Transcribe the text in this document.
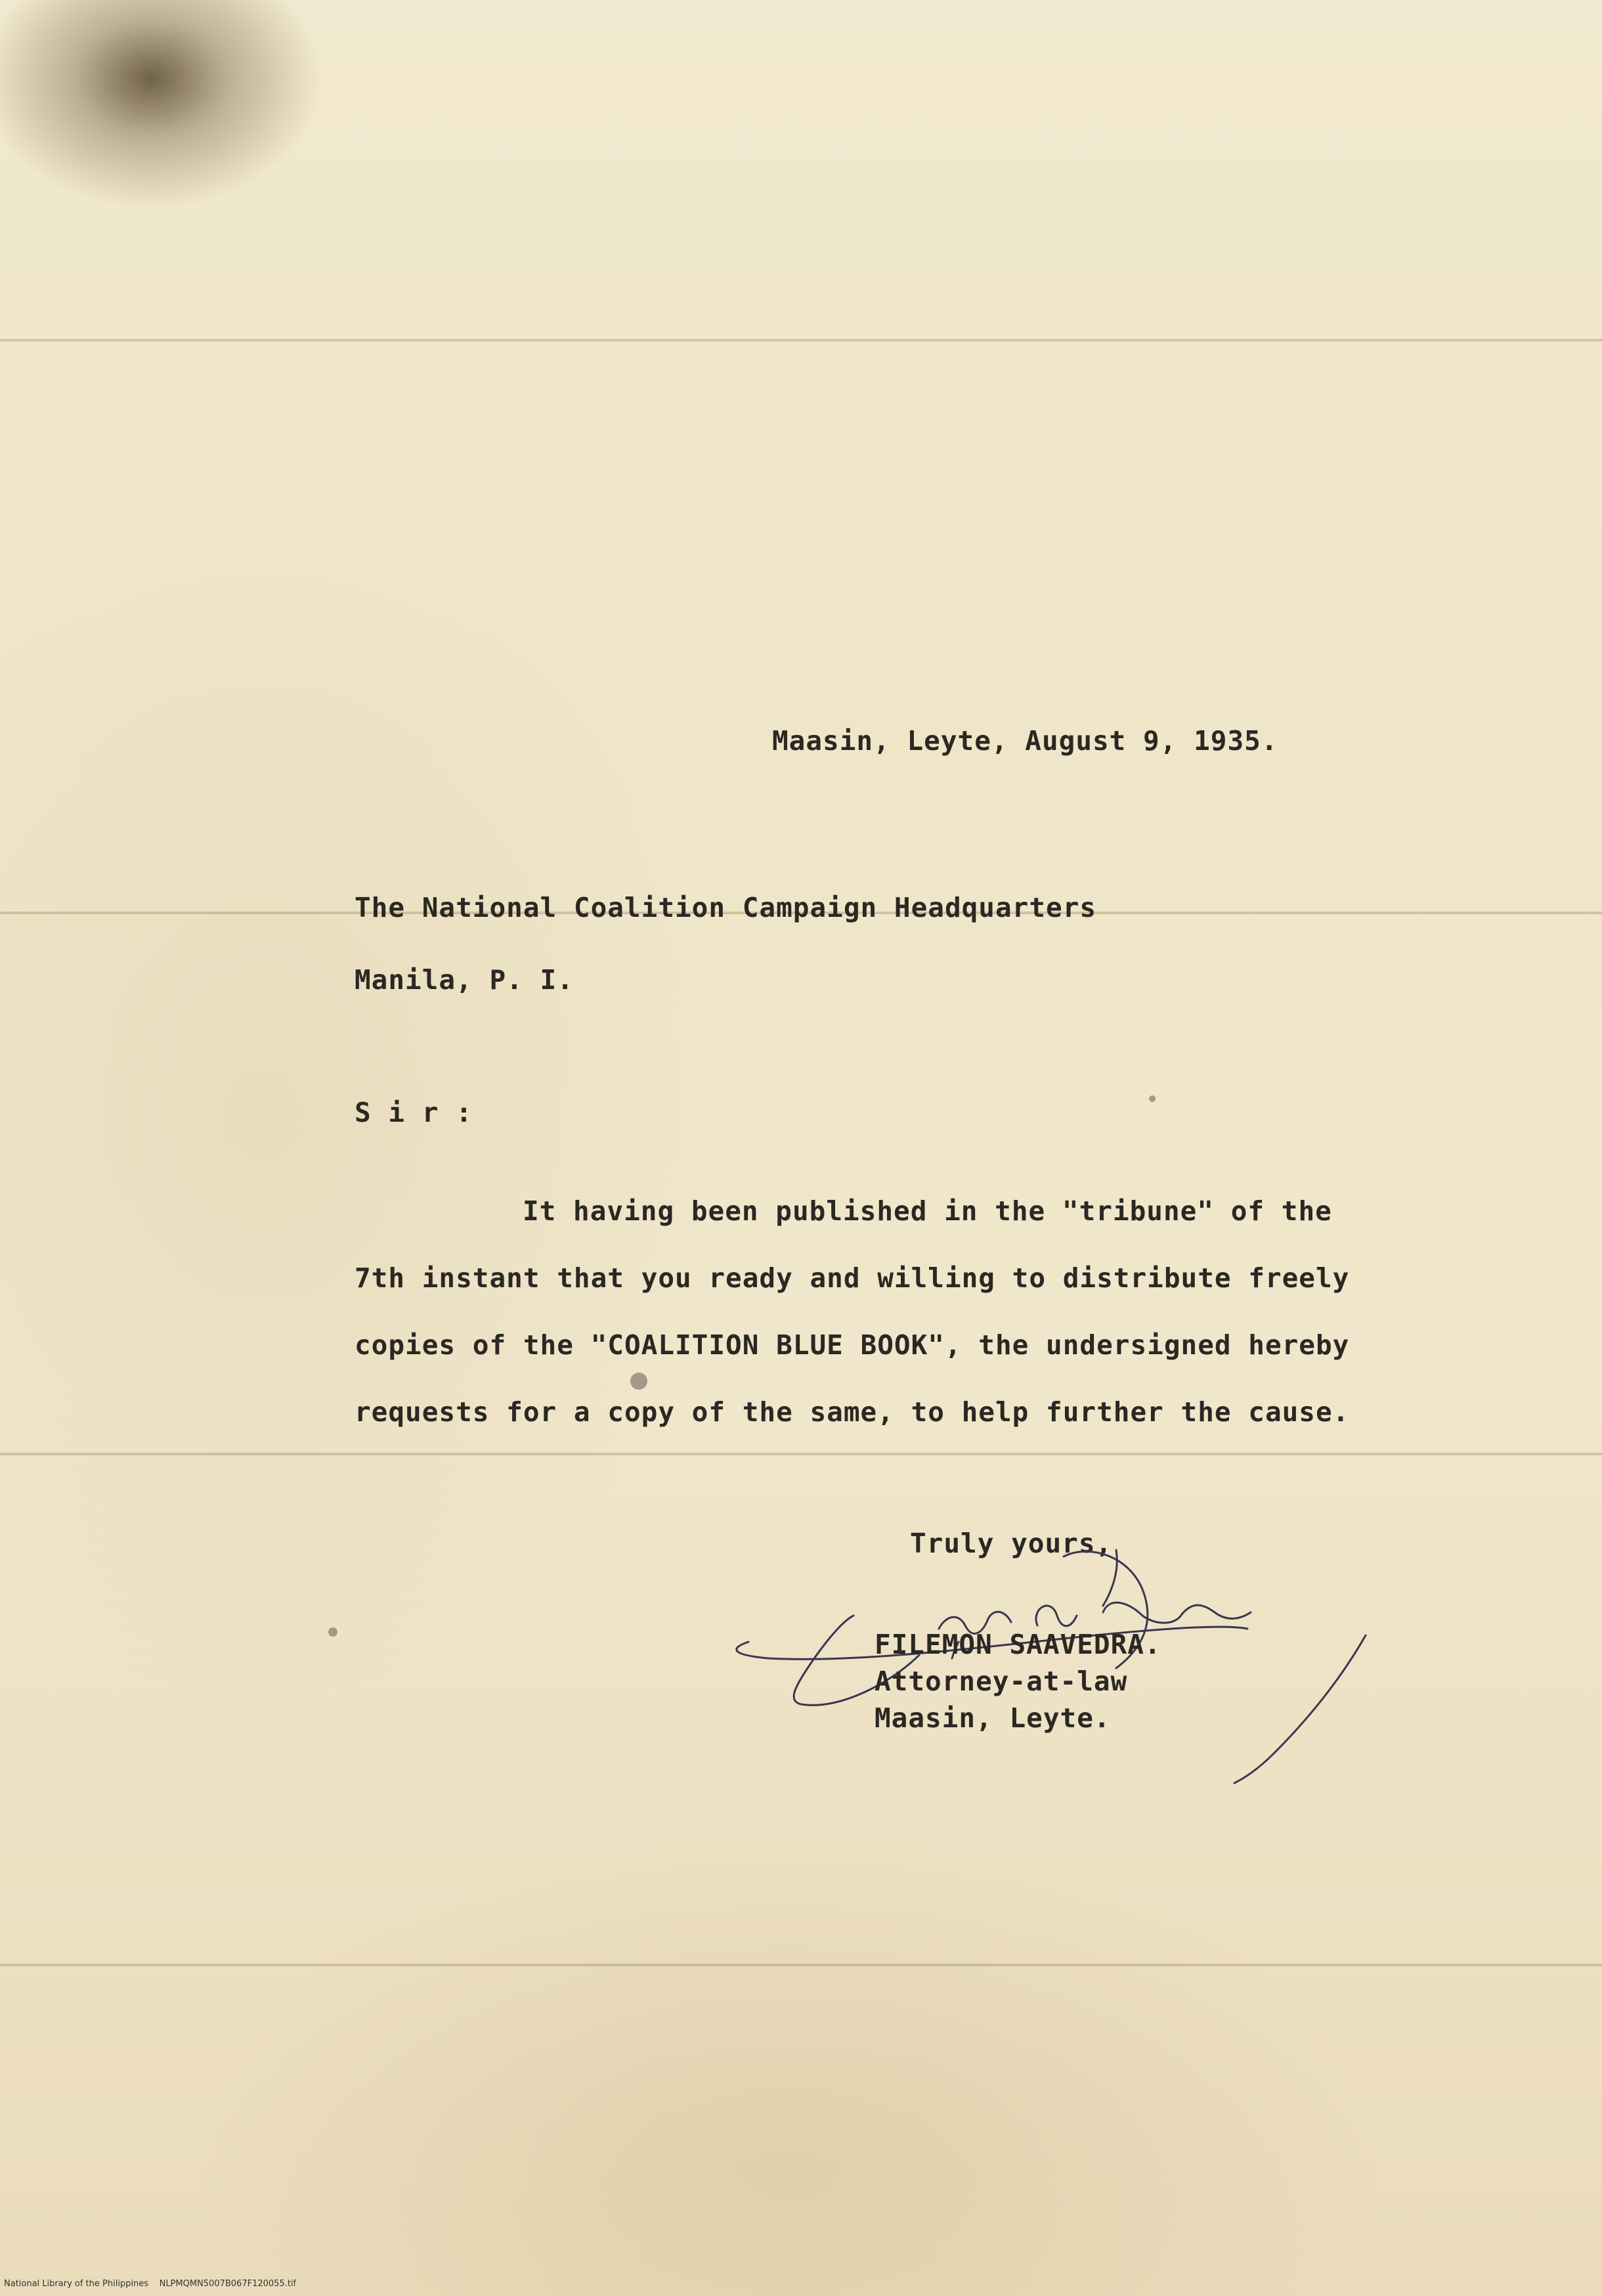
Maasin, Leyte, August 9, 1935.
The National Coalition Campaign Headquarters
Manila, P. I.
S i r :
It having been published in the "tribune" of the
7th instant that you ready and willing to distribute freely
copies of the "COALITION BLUE BOOK", the undersigned hereby
requests for a copy of the same, to help further the cause.
Truly yours,
FILEMON SAAVEDRA.
Attorney-at-law
Maasin, Leyte.
National Library of the Philippines NLPMQMN5007B067F120055.tif
